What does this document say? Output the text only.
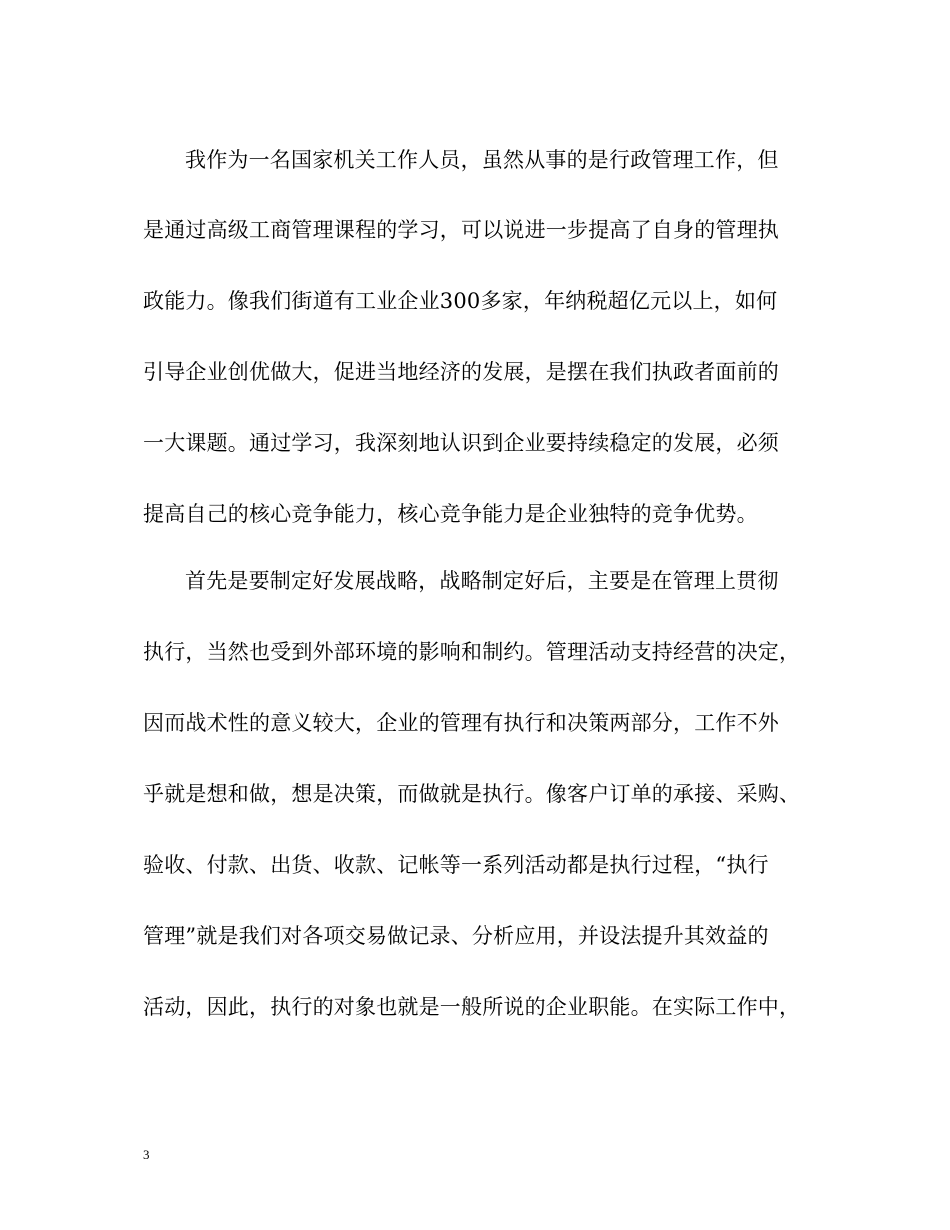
我作为一名国家机关工作人员，虽然从事的是行政管理工作，但
是通过高级工商管理课程的学习，可以说进一步提高了自身的管理执
政能力。像我们街道有工业企业300多家，年纳税超亿元以上，如何
引导企业创优做大，促进当地经济的发展，是摆在我们执政者面前的
一大课题。通过学习，我深刻地认识到企业要持续稳定的发展，必须
提高自己的核心竞争能力，核心竞争能力是企业独特的竞争优势。
首先是要制定好发展战略，战略制定好后，主要是在管理上贯彻
执行，当然也受到外部环境的影响和制约。管理活动支持经营的决定，
因而战术性的意义较大，企业的管理有执行和决策两部分，工作不外
乎就是想和做，想是决策，而做就是执行。像客户订单的承接、采购、
验收、付款、出货、收款、记帐等一系列活动都是执行过程，“执行
管理”就是我们对各项交易做记录、分析应用，并设法提升其效益的
活动，因此，执行的对象也就是一般所说的企业职能。在实际工作中，
3
